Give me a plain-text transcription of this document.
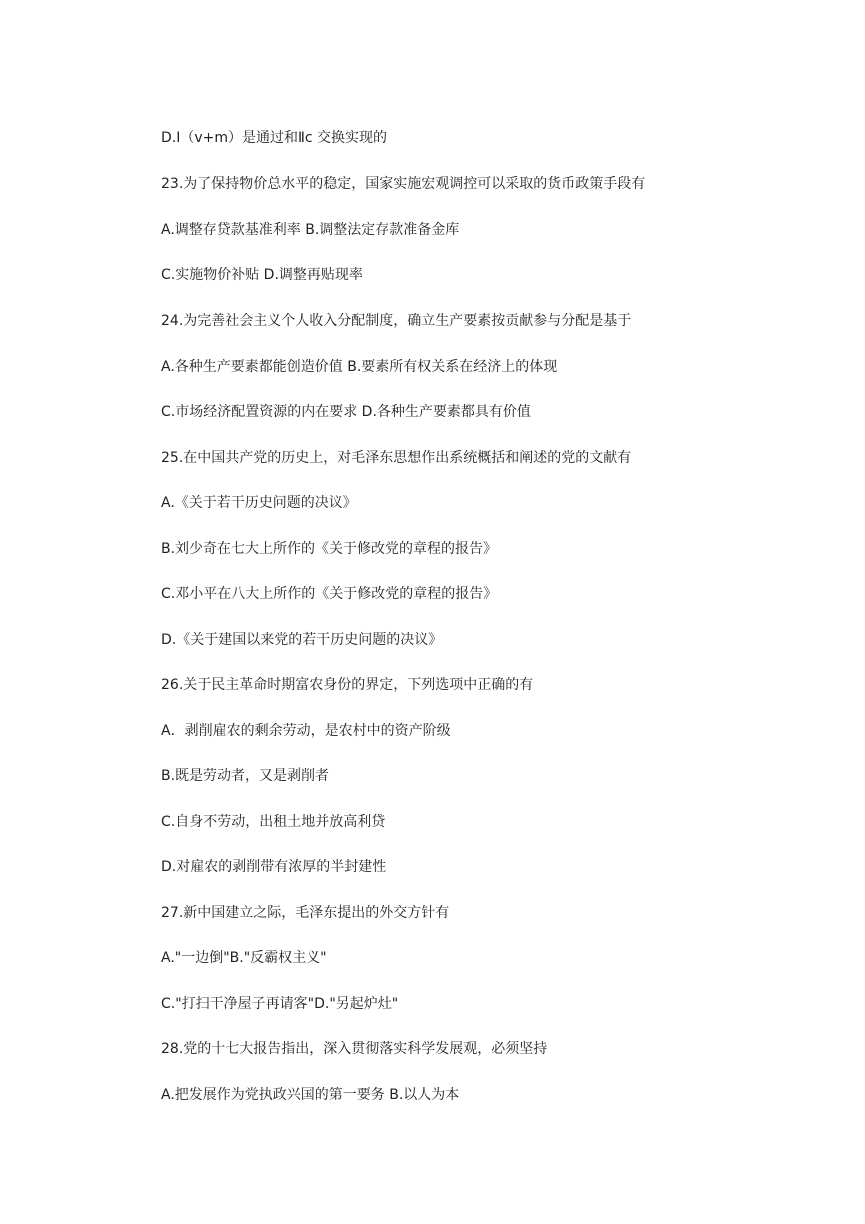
D.Ⅰ（v+m）是通过和Ⅱc 交换实现的
23.为了保持物价总水平的稳定，国家实施宏观调控可以采取的货币政策手段有
A.调整存贷款基准利率 B.调整法定存款准备金库
C.实施物价补贴 D.调整再贴现率
24.为完善社会主义个人收入分配制度，确立生产要素按贡献参与分配是基于
A.各种生产要素都能创造价值 B.要素所有权关系在经济上的体现
C.市场经济配置资源的内在要求 D.各种生产要素都具有价值
25.在中国共产党的历史上，对毛泽东思想作出系统概括和阐述的党的文献有
A.《关于若干历史问题的决议》
B.刘少奇在七大上所作的《关于修改党的章程的报告》
C.邓小平在八大上所作的《关于修改党的章程的报告》
D.《关于建国以来党的若干历史问题的决议》
26.关于民主革命时期富农身份的界定，下列选项中正确的有
A．剥削雇农的剩余劳动，是农村中的资产阶级
B.既是劳动者，又是剥削者
C.自身不劳动，出租土地并放高利贷
D.对雇农的剥削带有浓厚的半封建性
27.新中国建立之际，毛泽东提出的外交方针有
A."一边倒"B."反霸权主义"
C."打扫干净屋子再请客"D."另起炉灶"
28.党的十七大报告指出，深入贯彻落实科学发展观，必须坚持
A.把发展作为党执政兴国的第一要务 B.以人为本
